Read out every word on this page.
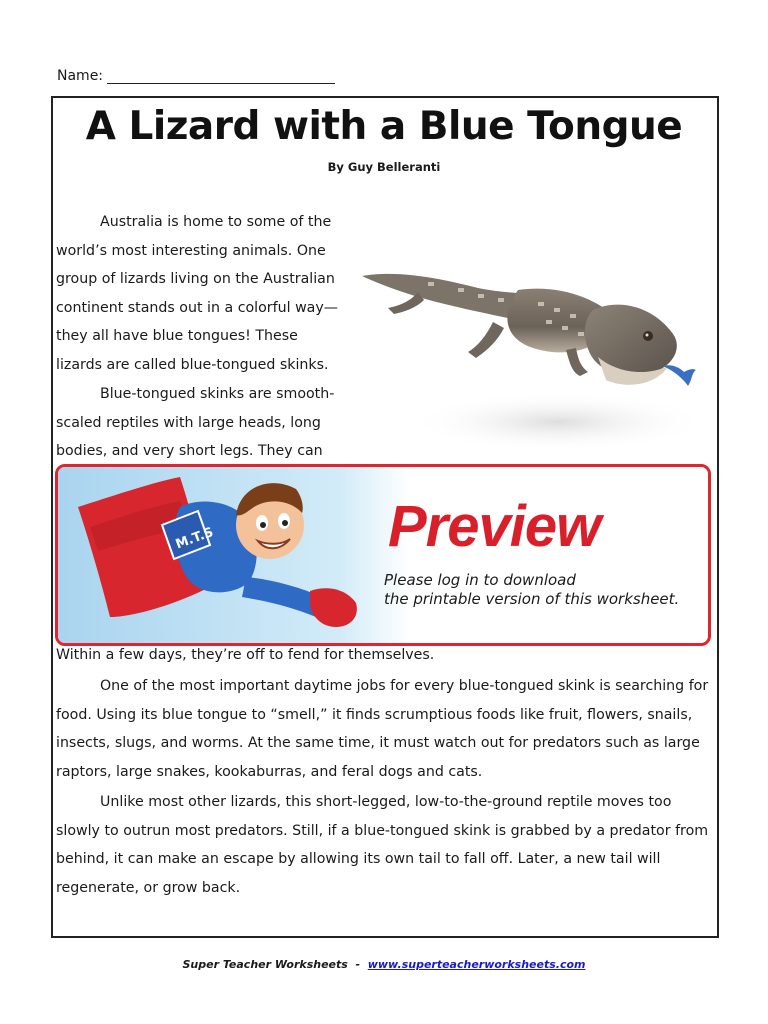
Name:
A Lizard with a Blue Tongue
By Guy Belleranti

Australia is home to some of the world’s most interesting animals. One group of lizards living on the Australian continent stands out in a colorful way—they all have blue tongues! These lizards are called blue-tongued skinks.

Blue-tongued skinks are smooth-scaled reptiles with large heads, long bodies, and very short legs. They can

M.T.S	Preview
Please log in to download
the printable version of this worksheet.

Within a few days, they’re off to fend for themselves.

One of the most important daytime jobs for every blue-tongued skink is searching for food. Using its blue tongue to “smell,” it finds scrumptious foods like fruit, flowers, snails, insects, slugs, and worms. At the same time, it must watch out for predators such as large raptors, large snakes, kookaburras, and feral dogs and cats.

Unlike most other lizards, this short-legged, low-to-the-ground reptile moves too slowly to outrun most predators. Still, if a blue-tongued skink is grabbed by a predator from behind, it can make an escape by allowing its own tail to fall off. Later, a new tail will regenerate, or grow back.

Super Teacher Worksheets - www.superteacherworksheets.com
